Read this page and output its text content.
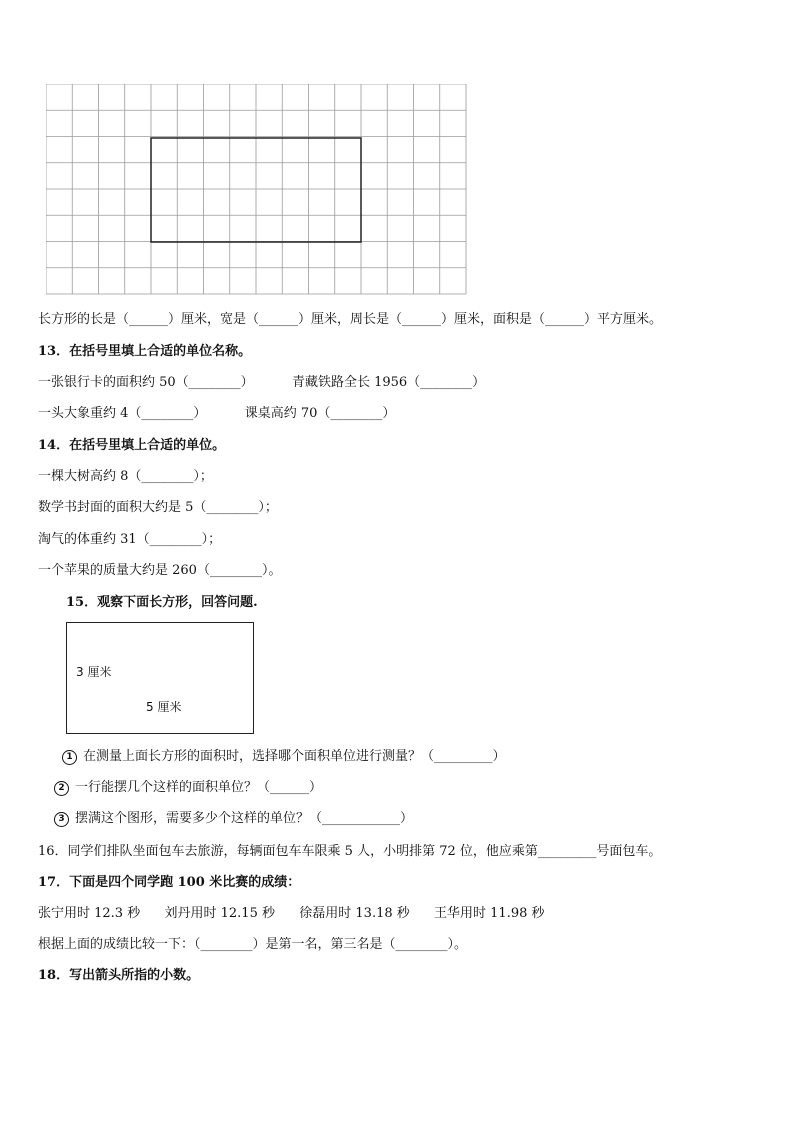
长方形的长是（______）厘米，宽是（______）厘米，周长是（______）厘米，面积是（______）平方厘米。
13．在括号里填上合适的单位名称。
一张银行卡的面积约 50（________）	青藏铁路全长 1956（________）
一头大象重约 4（________）	课桌高约 70（________）
14．在括号里填上合适的单位。
一棵大树高约 8（________）；
数学书封面的面积大约是 5（________）；
淘气的体重约 31（________）；
一个苹果的质量大约是 260（________）。
15．观察下面长方形，回答问题.
3 厘米
5 厘米
1 在测量上面长方形的面积时，选择哪个面积单位进行测量？（_________）
2 一行能摆几个这样的面积单位？（______）
3 摆满这个图形，需要多少个这样的单位？（____________）
16．同学们排队坐面包车去旅游，每辆面包车车限乘 5 人，小明排第 72 位，他应乘第_________号面包车。
17．下面是四个同学跑 100 米比赛的成绩：
张宁用时 12.3 秒 刘丹用时 12.15 秒 徐磊用时 13.18 秒 王华用时 11.98 秒
根据上面的成绩比较一下：（________）是第一名，第三名是（________）。
18．写出箭头所指的小数。
